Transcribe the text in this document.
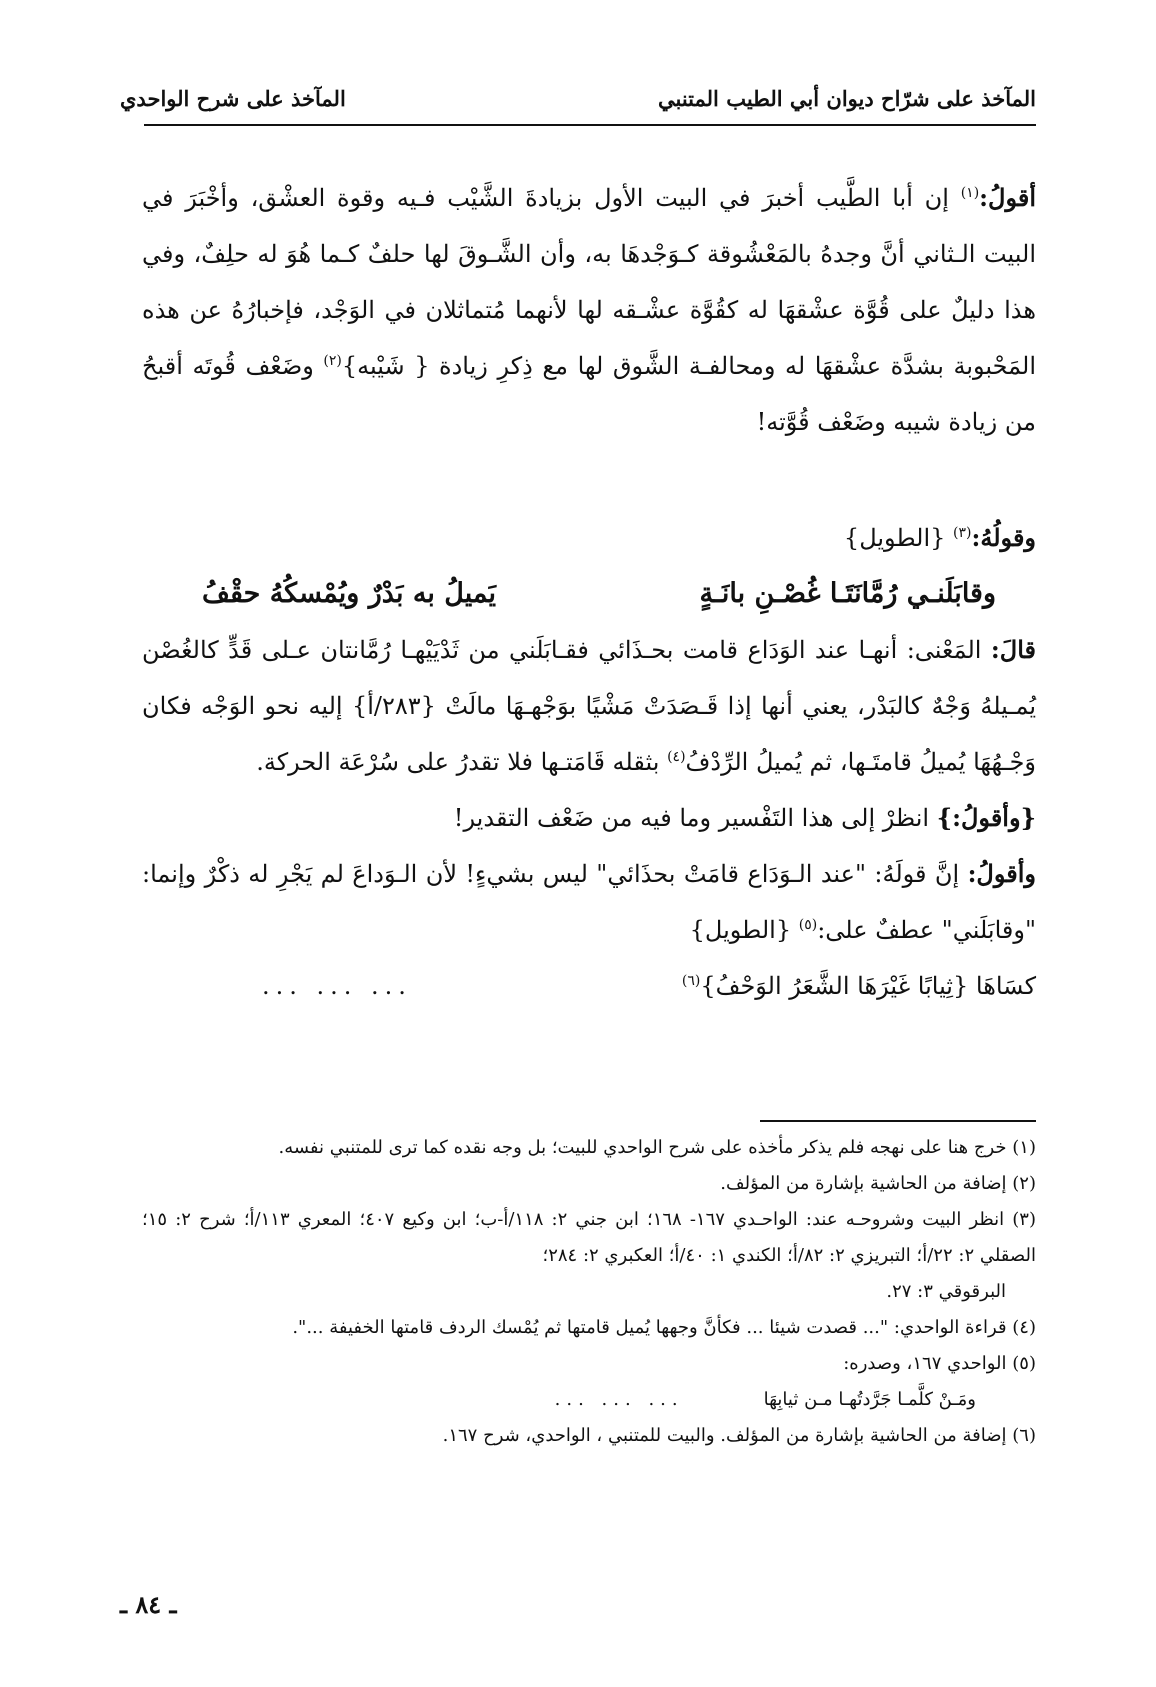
المآخذ على شرّاح ديوان أبي الطيب المتنبي
المآخذ على شرح الواحدي

أقولُ:$^{(١)}$ إن أبا الطَّيب أخبرَ في البيت الأول بزيادةَ الشَّيْب فـيه وقوة العشْق، وأخْبَرَ في البيت الـثاني أنَّ وجدهُ بالمَعْشُوقة كـوَجْدهَا به، وأن الشَّـوقَ لها حلفٌ كـما هُوَ له حلِفٌ، وفي هذا دليلٌ على قُوَّة عشْقهَا له كقُوَّة عشْـقه لها لأنهما مُتماثلان في الوَجْد، فإخبارُهُ عن هذه المَحْبوبة بشدَّة عشْقهَا له ومحالفـة الشَّوق لها مع ذِكرِ زيادة { شَيْبه}$^{(٢)}$ وضَعْف قُوتَه أقبحُ من زيادة شيبه وضَعْف قُوَّته!

وقولُهُ:$^{(٣)}$ {الطويل}

وقابَلَنـي رُمَّانَتَـا غُصْـنِ بانَـةٍ
يَميلُ به بَدْرٌ ويُمْسكُهُ حقْفُ

قالَ: المَعْنى: أنهـا عند الوَدَاع قامت بحـذَائي فقـابَلَني من ثَدْيَيْهـا رُمَّانتان عـلى قَدٍّ كالغُصْن يُمـيلهُ وَجْهٌ كالبَدْر، يعني أنها إذا قَـصَدَتْ مَشْيًا بوَجْهـهَا مالَتْ {٢٨٣/أ} إليه نحو الوَجْه فكان وَجْـهُهَا يُميلُ قامتَـها، ثم يُميلُ الرِّدْفُ$^{(٤)}$ بثقله قَامَتـها فلا تقدرُ على سُرْعَة الحركة.

{وأقولُ:} انظرْ إلى هذا التَفْسير وما فيه من ضَعْف التقدير!

وأقولُ: إنَّ قولَهُ: "عند الـوَدَاع قامَتْ بحذَائي" ليس بشيءٍ! لأن الـوَداعَ لم يَجْرِ له ذكْرٌ وإنما: "وقابَلَني" عطفٌ على:$^{(٥)}$ {الطويل}

كسَاهَا {ثِيابًا غَيْرَهَا الشَّعَرُ الوَحْفُ}$^{(٦)}$
... ... ...

(١) خرج هنا على نهجه فلم يذكر مأخذه على شرح الواحدي للبيت؛ بل وجه نقده كما ترى للمتنبي نفسه.

(٢) إضافة من الحاشية بإشارة من المؤلف.

(٣) انظر البيت وشروحـه عند: الواحـدي ١٦٧- ١٦٨؛ ابن جني ٢: ١١٨/أ-ب؛ ابن وكيع ٤٠٧؛ المعري ١١٣/أ؛ شرح ٢: ١٥؛ الصقلي ٢: ٢٢/أ؛ التبريزي ٢: ٨٢/أ؛ الكندي ١: ٤٠/أ؛ العكبري ٢: ٢٨٤؛

البرقوقي ٣: ٢٧.

(٤) قراءة الواحدي: "... قصدت شيئا ... فكأنَّ وجهها يُميل قامتها ثم يُمْسك الردف قامتها الخفيفة ...".

(٥) الواحدي ١٦٧، وصدره:

ومَـنْ كلَّمـا جَرَّدتُهـا مـن ثيابِهَا
... ... ...

(٦) إضافة من الحاشية بإشارة من المؤلف. والبيت للمتنبي ، الواحدي، شرح ١٦٧.

ـ ٨٤ ـ
